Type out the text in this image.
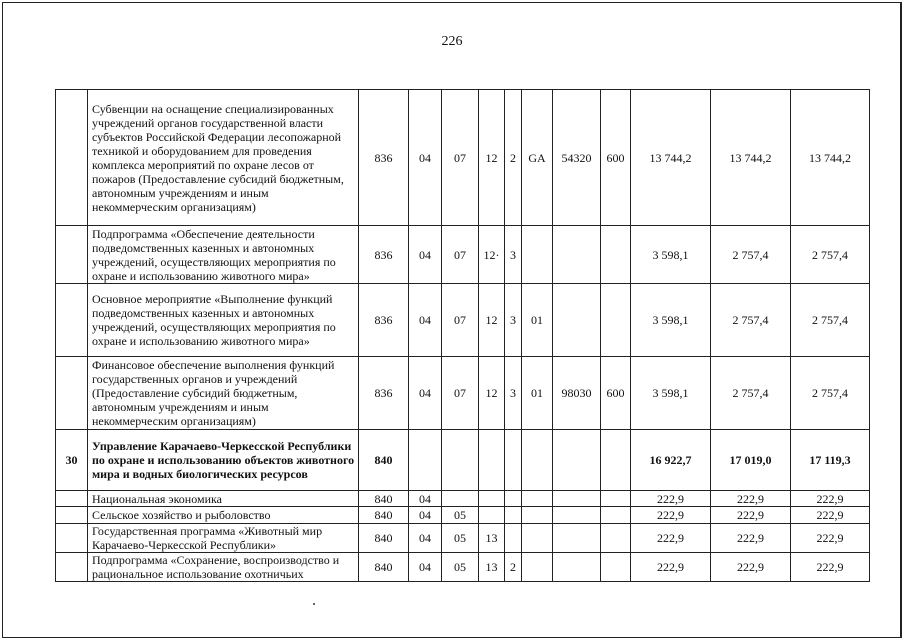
226
	Субвенции на оснащение специализированных учреждений органов государственной власти субъектов Российской Федерации лесопожарной техникой и оборудованием для проведения комплекса мероприятий по охране лесов от пожаров (Предоставление субсидий бюджетным, автономным учреждениям и иным некоммерческим организациям)	836	04	07	12	2	GA	54320	600	13 744,2	13 744,2	13 744,2
	Подпрограмма «Обеспечение деятельности подведомственных казенных и автономных учреждений, осуществляющих мероприятия по охране и использованию животного мира»	836	04	07	12·	3				3 598,1	2 757,4	2 757,4
	Основное мероприятие «Выполнение функций подведомственных казенных и автономных учреждений, осуществляющих мероприятия по охране и использованию животного мира»	836	04	07	12	3	01			3 598,1	2 757,4	2 757,4
	Финансовое обеспечение выполнения функций государственных органов и учреждений (Предоставление субсидий бюджетным, автономным учреждениям и иным некоммерческим организациям)	836	04	07	12	3	01	98030	600	3 598,1	2 757,4	2 757,4
30	Управление Карачаево-Черкесской Республики по охране и использованию объектов животного мира и водных биологических ресурсов	840								16 922,7	17 019,0	17 119,3
	Национальная экономика	840	04							222,9	222,9	222,9
	Сельское хозяйство и рыболовство	840	04	05						222,9	222,9	222,9
	Государственная программа «Животный мир Карачаево-Черкесской Республики»	840	04	05	13					222,9	222,9	222,9
	Подпрограмма «Сохранение, воспроизводство и рациональное использование охотничьих	840	04	05	13	2				222,9	222,9	222,9
